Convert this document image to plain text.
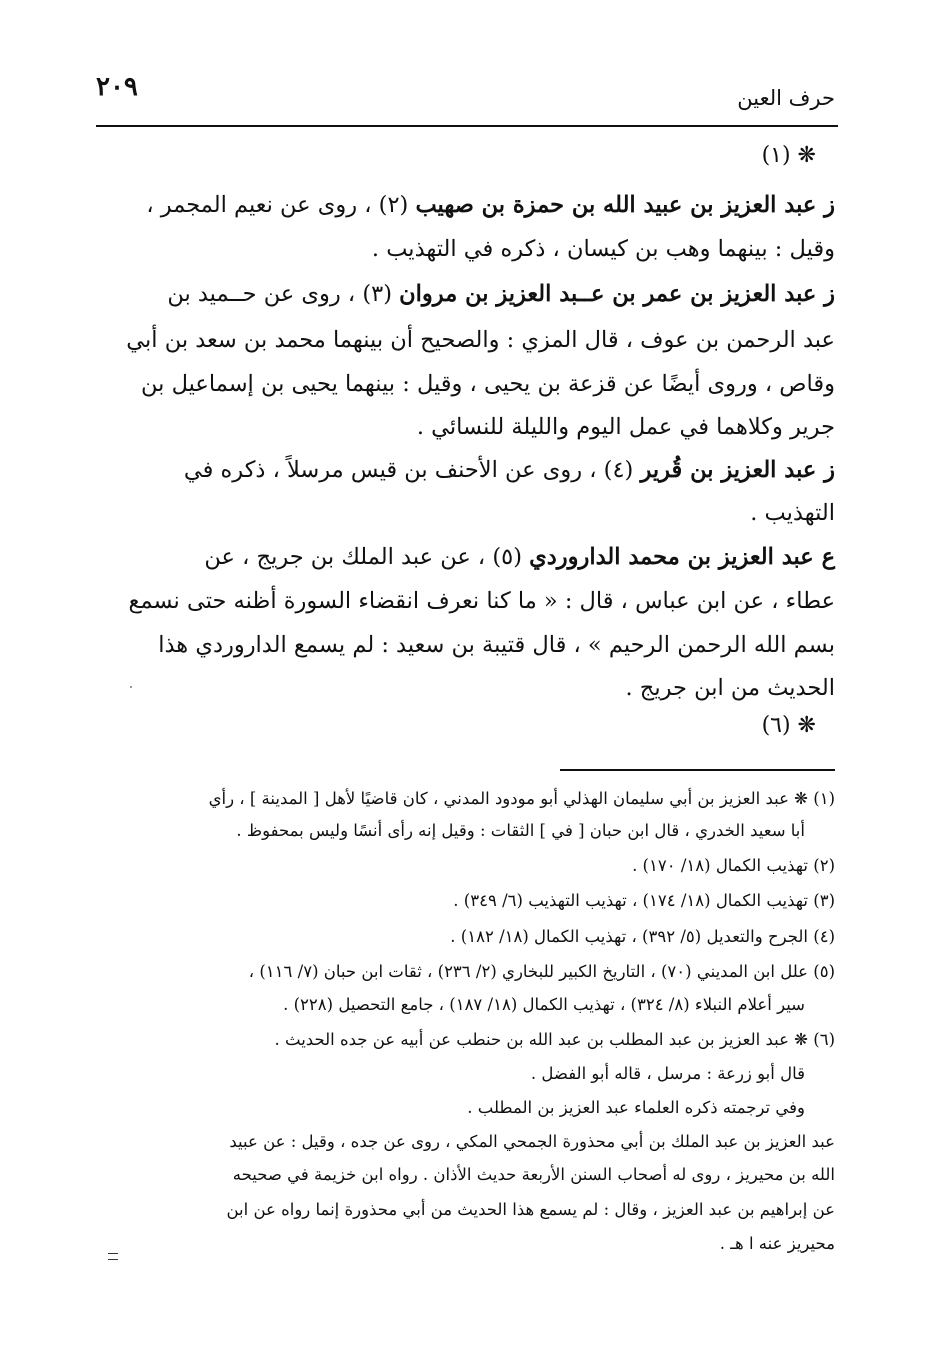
٢٠٩	حرف العين
(١) ❋
ز عبد العزيز بن عبيد الله بن حمزة بن صهيب (٢) ، روى عن نعيم المجمر ،
وقيل : بينهما وهب بن كيسان ، ذكره في التهذيب .
ز عبد العزيز بن عمر بن عــبد العزيز بن مروان (٣) ، روى عن حــميد بن
عبد الرحمن بن عوف ، قال المزي : والصحيح أن بينهما محمد بن سعد بن أبي
وقاص ، وروى أيضًا عن قزعة بن يحيى ، وقيل : بينهما يحيى بن إسماعيل بن
جرير وكلاهما في عمل اليوم والليلة للنسائي .
ز عبد العزيز بن قُرير (٤) ، روى عن الأحنف بن قيس مرسلاً ، ذكره في
التهذيب .
ع عبد العزيز بن محمد الداروردي (٥) ، عن عبد الملك بن جريج ، عن
عطاء ، عن ابن عباس ، قال : « ما كنا نعرف انقضاء السورة أظنه حتى نسمع
بسم الله الرحمن الرحيم » ، قال قتيبة بن سعيد : لم يسمع الداروردي هذا
الحديث من ابن جريج .
(٦) ❋
(١) ❋ عبد العزيز بن أبي سليمان الهذلي أبو مودود المدني ، كان قاضيًا لأهل [ المدينة ] ، رأي
أبا سعيد الخدري ، قال ابن حبان [ في ] الثقات : وقيل إنه رأى أنسًا وليس بمحفوظ .
(٢) تهذيب الكمال (١٨/ ١٧٠) .
(٣) تهذيب الكمال (١٨/ ١٧٤) ، تهذيب التهذيب (٦/ ٣٤٩) .
(٤) الجرح والتعديل (٥/ ٣٩٢) ، تهذيب الكمال (١٨/ ١٨٢) .
(٥) علل ابن المديني (٧٠) ، التاريخ الكبير للبخاري (٢/ ٢٣٦) ، ثقات ابن حبان (٧/ ١١٦) ،
سير أعلام النبلاء (٨/ ٣٢٤) ، تهذيب الكمال (١٨/ ١٨٧) ، جامع التحصيل (٢٢٨) .
(٦) ❋ عبد العزيز بن عبد المطلب بن عبد الله بن حنطب عن أبيه عن جده الحديث .
قال أبو زرعة : مرسل ، قاله أبو الفضل .
وفي ترجمته ذكره العلماء عبد العزيز بن المطلب .
عبد العزيز بن عبد الملك بن أبي محذورة الجمحي المكي ، روى عن جده ، وقيل : عن عبيد
الله بن محيريز ، روى له أصحاب السنن الأربعة حديث الأذان . رواه ابن خزيمة في صحيحه
عن إبراهيم بن عبد العزيز ، وقال : لم يسمع هذا الحديث من أبي محذورة إنما رواه عن ابن
محيريز عنه ا هـ .
